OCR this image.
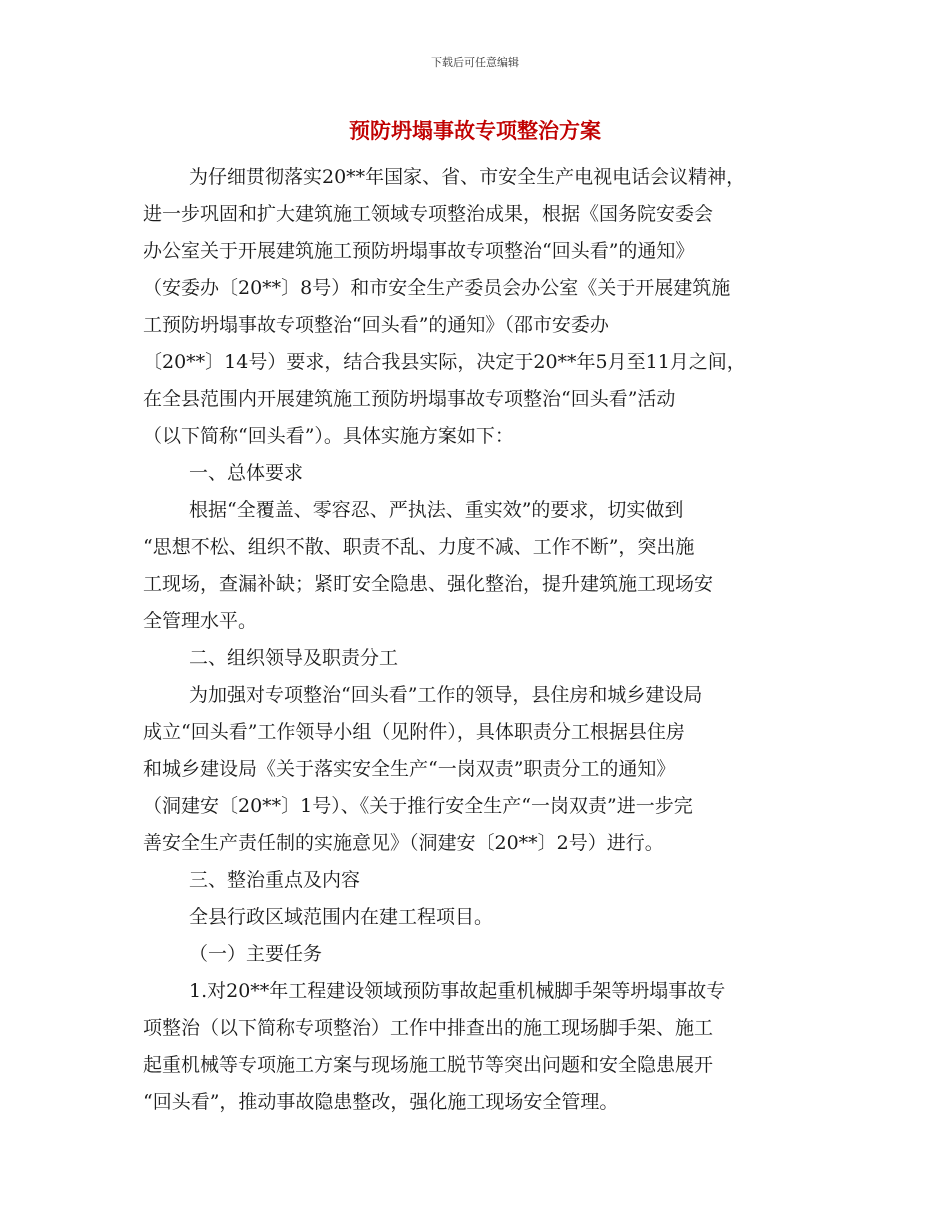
下载后可任意编辑
预防坍塌事故专项整治方案
为仔细贯彻落实20**年国家、省、市安全生产电视电话会议精神，
进一步巩固和扩大建筑施工领域专项整治成果，根据《国务院安委会
办公室关于开展建筑施工预防坍塌事故专项整治“回头看”的通知》
（安委办〔20**〕8号）和市安全生产委员会办公室《关于开展建筑施
工预防坍塌事故专项整治“回头看”的通知》（邵市安委办
〔20**〕14号）要求，结合我县实际，决定于20**年5月至11月之间，
在全县范围内开展建筑施工预防坍塌事故专项整治“回头看”活动
（以下简称“回头看”）。具体实施方案如下：
一、总体要求
根据“全覆盖、零容忍、严执法、重实效”的要求，切实做到
“思想不松、组织不散、职责不乱、力度不减、工作不断”，突出施
工现场，查漏补缺；紧盯安全隐患、强化整治，提升建筑施工现场安
全管理水平。
二、组织领导及职责分工
为加强对专项整治“回头看”工作的领导，县住房和城乡建设局
成立“回头看”工作领导小组（见附件），具体职责分工根据县住房
和城乡建设局《关于落实安全生产“一岗双责”职责分工的通知》
（洞建安〔20**〕1号）、《关于推行安全生产“一岗双责”进一步完
善安全生产责任制的实施意见》（洞建安〔20**〕2号）进行。
三、整治重点及内容
全县行政区域范围内在建工程项目。
（一）主要任务
1.对20**年工程建设领域预防事故起重机械脚手架等坍塌事故专
项整治（以下简称专项整治）工作中排查出的施工现场脚手架、施工
起重机械等专项施工方案与现场施工脱节等突出问题和安全隐患展开
“回头看”，推动事故隐患整改，强化施工现场安全管理。
